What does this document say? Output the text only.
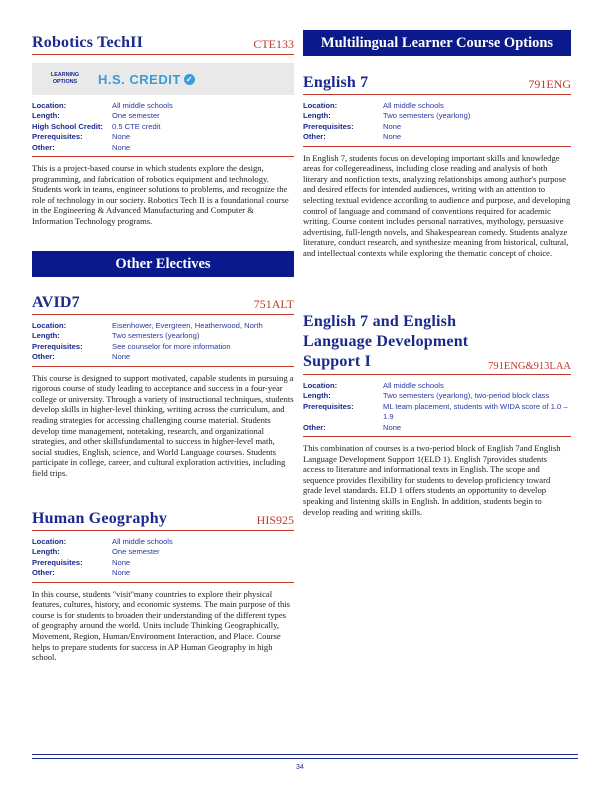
Robotics TechII	CTE133
LEARNING OPTIONS	H.S. CREDIT ✓
Location:	All middle schools
Length:	One semester
High School Credit:	0.5 CTE credit
Prerequisites:	None
Other:	None
This is a project-based course in which students explore the design, programming, and fabrication of robotics equipment and technology. Students work in teams, engineer solutions to problems, and recognize the role of technology in our society. Robotics Tech II is a foundational course in the Engineering & Advanced Manufacturing and Computer & Information Technology programs.
Other Electives
AVID7	751ALT
Location:	Eisenhower, Evergreen, Heatherwood, North
Length:	Two semesters (yearlong)
Prerequisites:	See counselor for more information
Other:	None
This course is designed to support motivated, capable students in pursuing a rigorous course of study leading to acceptance and success in a four-year college or university. Through a variety of instructional techniques, students develop skills in higher-level thinking, writing across the curriculum, and reading strategies for accessing challenging course material. Students develop time management, notetaking, research, and organizational strategies, and other skillsfundamental to success in higher-level math, social studies, English, science, and World Language courses. Students participate in college, career, and cultural exploration activities, including field trips.
Human Geography	HIS925
Location:	All middle schools
Length:	One semester
Prerequisites:	None
Other:	None
In this course, students ''visit''many countries to explore their physical features, cultures, history, and economic systems. The main purpose of this course is for students to broaden their understanding of the different types of geography around the world. Units include Thinking Geographically, Movement, Region, Human/Environment Interaction, and Place. Course helps to prepare students for success in AP Human Geography in high school.
Multilingual Learner Course Options
English 7	791ENG
Location:	All middle schools
Length:	Two semesters (yearlong)
Prerequisites:	None
Other:	None
In English 7, students focus on developing important skills and knowledge areas for collegereadiness, including close reading and analysis of both literary and nonfiction texts, analyzing relationships among author's purpose and desired effects for intended audiences, writing with an attention to selecting textual evidence according to audience and purpose, and developing control of language and command of conventions required for academic writing. Course content includes personal narratives, mythology, persuasive advertising, full-length novels, and Shakespearean comedy. Students analyze literature, conduct research, and synthesize meaning from historical, cultural, and intellectual contexts while exploring the thematic concept of choice.
English 7 and English Language Development Support I	791ENG&913LAA
Location:	All middle schools
Length:	Two semesters (yearlong), two-period block class
Prerequisites:	ML team placement, students with WIDA score of 1.0 – 1.9
Other:	None
This combination of courses is a two-period block of English 7and English Language Development Support 1(ELD 1). English 7provides students access to literature and informational texts in English. The scope and sequence provides flexibility for students to develop proficiency toward grade level standards. ELD 1 offers students an opportunity to develop speaking and listening skills in English. In addition, students begin to develop reading and writing skills.
34
